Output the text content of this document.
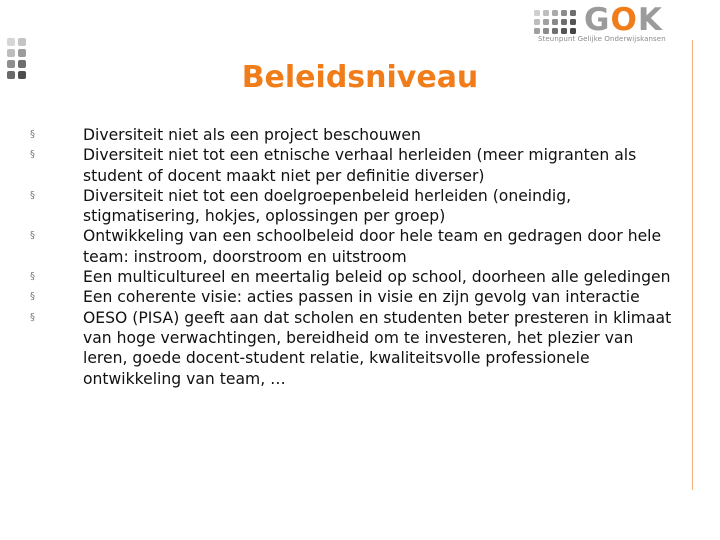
GOK
Steunpunt Gelijke Onderwijskansen
Beleidsniveau
§	Diversiteit niet als een project beschouwen
§	Diversiteit niet tot een etnische verhaal herleiden (meer migranten als student of docent maakt niet per definitie diverser)
§	Diversiteit niet tot een doelgroepenbeleid herleiden (oneindig, stigmatisering, hokjes, oplossingen per groep)
§	Ontwikkeling van een schoolbeleid door hele team en gedragen door hele team: instroom, doorstroom en uitstroom
§	Een multicultureel en meertalig beleid op school, doorheen alle geledingen
§	Een coherente visie: acties passen in visie en zijn gevolg van interactie
§	OESO (PISA) geeft aan dat scholen en studenten beter presteren in klimaat van hoge verwachtingen, bereidheid om te investeren, het plezier van leren, goede docent-student relatie, kwaliteitsvolle professionele ontwikkeling van team, …
